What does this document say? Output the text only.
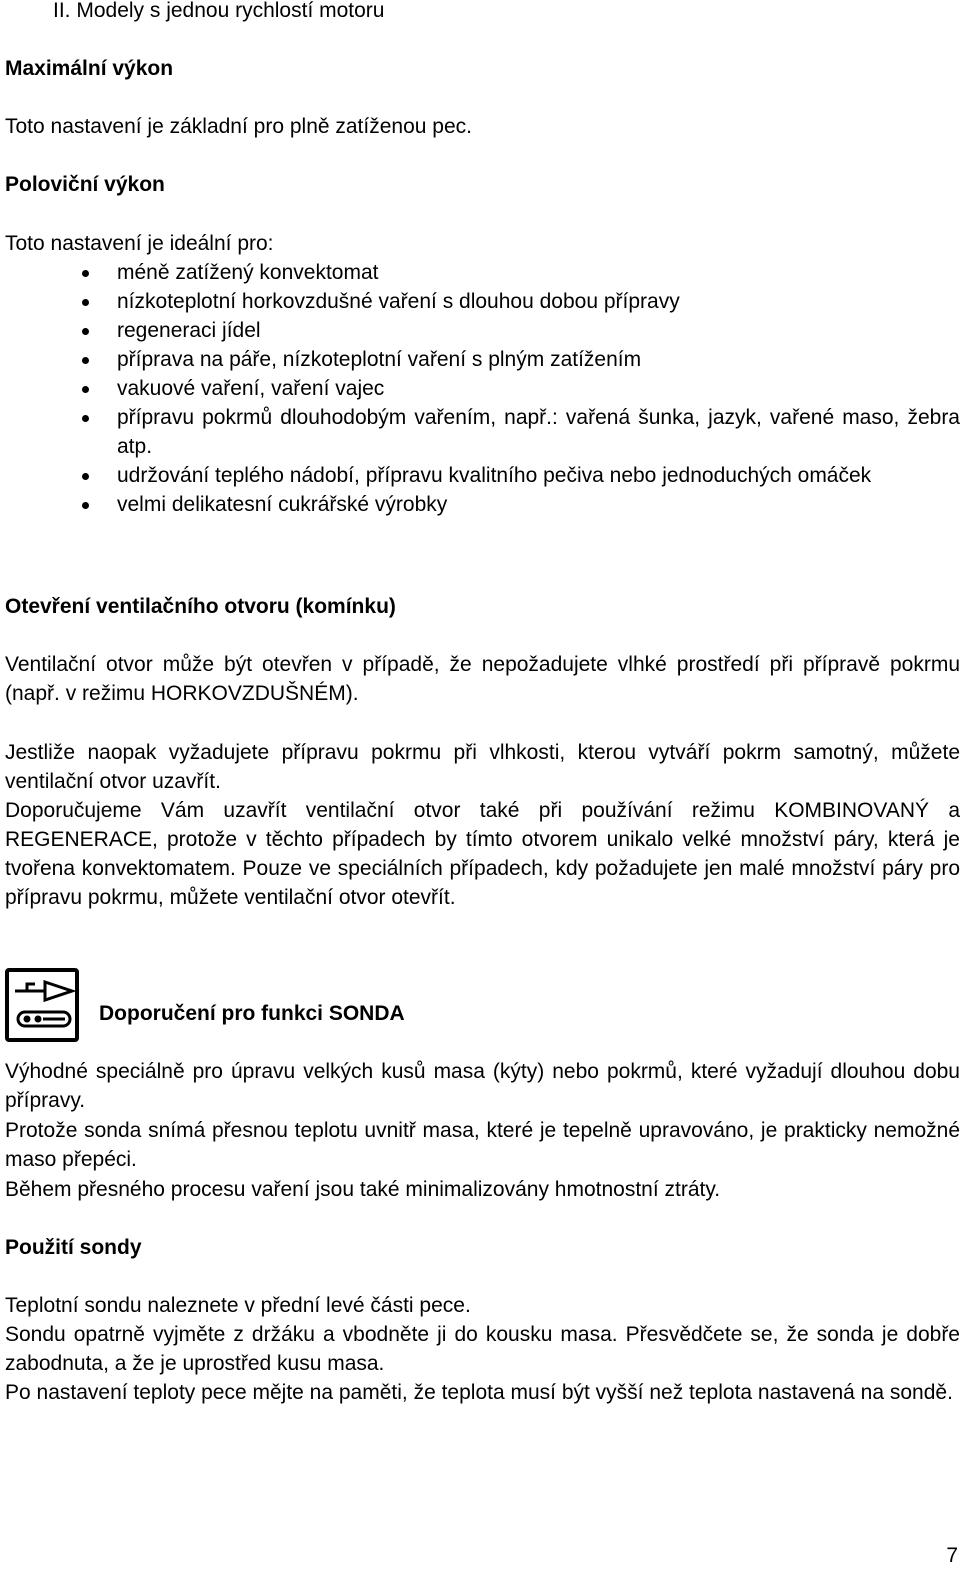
II. Modely s jednou rychlostí motoru

Maximální výkon

Toto nastavení je základní pro plně zatíženou pec.

Poloviční výkon

Toto nastavení je ideální pro:

méně zatížený konvektomat
nízkoteplotní horkovzdušné vaření s dlouhou dobou přípravy
regeneraci jídel
příprava na páře, nízkoteplotní vaření s plným zatížením
vakuové vaření, vaření vajec
přípravu pokrmů dlouhodobým vařením, např.: vařená šunka, jazyk, vařené maso, žebra atp.
udržování teplého nádobí, přípravu kvalitního pečiva nebo jednoduchých omáček
velmi delikatesní cukrářské výrobky

Otevření ventilačního otvoru (komínku)

Ventilační otvor může být otevřen v případě, že nepožadujete vlhké prostředí při přípravě pokrmu (např. v režimu HORKOVZDUŠNÉM).

Jestliže naopak vyžadujete přípravu pokrmu při vlhkosti, kterou vytváří pokrm samotný, můžete ventilační otvor uzavřít.

Doporučujeme Vám uzavřít ventilační otvor také při používání režimu KOMBINOVANÝ a REGENERACE, protože v těchto případech by tímto otvorem unikalo velké množství páry, která je tvořena konvektomatem. Pouze ve speciálních případech, kdy požadujete jen malé množství páry pro přípravu pokrmu, můžete ventilační otvor otevřít.

Doporučení pro funkci SONDA

Výhodné speciálně pro úpravu velkých kusů masa (kýty) nebo pokrmů, které vyžadují dlouhou dobu přípravy.

Protože sonda snímá přesnou teplotu uvnitř masa, které je tepelně upravováno, je prakticky nemožné maso přepéci.

Během přesného procesu vaření jsou také minimalizovány hmotnostní ztráty.

Použití sondy

Teplotní sondu naleznete v přední levé části pece.

Sondu opatrně vyjměte z držáku a vbodněte ji do kousku masa. Přesvědčete se, že sonda je dobře zabodnuta, a že je uprostřed kusu masa.

Po nastavení teploty pece mějte na paměti, že teplota musí být vyšší než teplota nastavená na sondě.

7
